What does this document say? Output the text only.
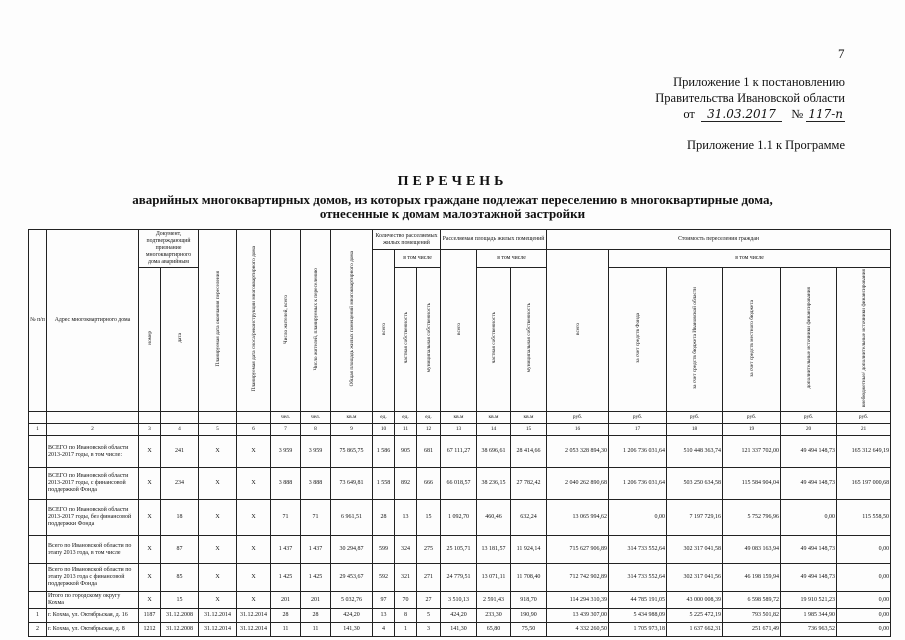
7
Приложение 1 к постановлению
Правительства Ивановской области
от 31.03.2017 № 117-п
Приложение 1.1 к Программе
ПЕРЕЧЕНЬ
аварийных многоквартирных домов, из которых граждане подлежат переселению в многоквартирные дома,
отнесенные к домам малоэтажной застройки
№ п/п	Адрес многоквартирного дома	Документ, подтверждающий признание многоквартирного дома аварийным		Планируемая дата окончания переселения	Планируемая дата сноса/реконструкции многоквартирного дома	Число жителей, всего	Число жителей, планируемых к переселению	Общая площадь жилых помещений многоквартирного дома	Количество расселяемых жилых помещений			Расселяемая площадь жилых помещений			Стоимость переселения граждан					
									всего	в том числе		всего	в том числе		всего	в том числе				
		номер	дата							частная собственность	муниципальная собственность		частная собственность	муниципальная собственность		за счет средств Фонда	за счет средств бюджета Ивановской области	за счет средств местного бюджета	дополнительные источники финансирования	внебюджетные/ дополнительные источники финансирования
						чел.	чел.	кв.м	ед.	ед.	ед.	кв.м	кв.м	кв.м	руб.	руб.	руб.	руб.	руб.	руб.
1	2	3	4	5	6	7	8	9	10	11	12	13	14	15	16	17	18	19	20	21
	ВСЕГО по Ивановской области 2013-2017 годы, в том числе:	Х	241	Х	Х	3 959	3 959	75 865,75	1 586	905	681	67 111,27	38 696,61	28 414,66	2 053 328 894,30	1 206 736 031,64	510 448 363,74	121 337 702,00	49 494 148,73	165 312 649,19
	ВСЕГО по Ивановской области 2013-2017 годы, с финансовой поддержкой Фонда	Х	234	Х	Х	3 888	3 888	73 649,81	1 558	892	666	66 018,57	38 236,15	27 782,42	2 040 262 890,68	1 206 736 031,64	503 250 634,58	115 584 904,04	49 494 148,73	165 197 000,68
	ВСЕГО по Ивановской области 2013-2017 годы, без финансовой поддержки Фонда	Х	18	Х	Х	71	71	6 961,51	28	13	15	1 092,70	460,46	632,24	13 065 994,62	0,00	7 197 729,16	5 752 796,96	0,00	115 558,50
	Всего по Ивановской области по этапу 2013 года, в том числе	Х	87	Х	Х	1 437	1 437	30 294,87	599	324	275	25 105,71	13 181,57	11 924,14	715 627 906,89	314 733 552,64	302 317 041,58	49 083 163,94	49 494 148,73	0,00
	Всего по Ивановской области по этапу 2013 года с финансовой поддержкой Фонда	Х	85	Х	Х	1 425	1 425	29 453,67	592	321	271	24 779,51	13 071,11	11 708,40	712 742 902,89	314 733 552,64	302 317 041,56	46 198 159,94	49 494 148,73	0,00
	Итого по городскому округу Кохма	Х	15	Х	Х	201	201	5 032,76	97	70	27	3 510,13	2 591,43	918,70	114 294 310,39	44 785 191,05	43 000 008,39	6 598 589,72	19 910 521,23	0,00
1	г. Кохма, ул. Октябрьская, д. 16	1187	31.12.2008	31.12.2014	31.12.2014	28	28	424,20	13	8	5	424,20	233,30	190,90	13 439 307,00	5 434 988,09	5 225 472,19	793 501,82	1 985 344,90	0,00
2	г. Кохма, ул. Октябрьская, д. 8	1212	31.12.2008	31.12.2014	31.12.2014	11	11	141,30	4	1	3	141,30	65,80	75,50	4 332 260,50	1 705 973,18	1 637 662,31	251 671,49	736 963,52	0,00
